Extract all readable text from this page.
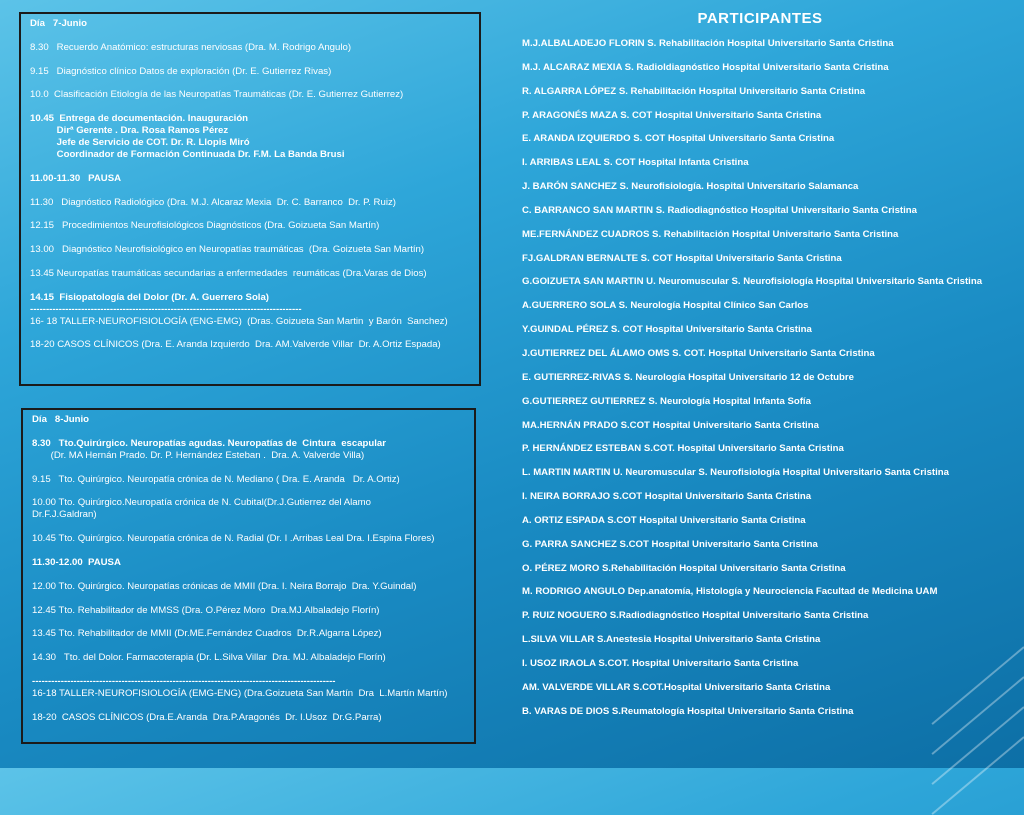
Día   7-Junio

8.30   Recuerdo Anatómico: estructuras nerviosas (Dra. M. Rodrigo Angulo)

9.15   Diagnóstico clínico Datos de exploración (Dr. E. Gutierrez Rivas)

10.0  Clasificación Etiología de las Neuropatías Traumáticas (Dr. E. Gutierrez Gutierrez)

10.45  Entrega de documentación. Inauguración
Dirª Gerente . Dra. Rosa Ramos Pérez
Jefe de Servicio de COT. Dr. R. Llopis Miró
Coordinador de Formación Continuada Dr. F.M. La Banda Brusi

11.00-11.30   PAUSA

11.30   Diagnóstico Radiológico (Dra. M.J. Alcaraz Mexia  Dr. C. Barranco  Dr. P. Ruiz)

12.15   Procedimientos Neurofisiológicos Diagnósticos (Dra. Goizueta San Martín)

13.00   Diagnóstico Neurofisiológico en Neuropatías traumáticas  (Dra. Goizueta San Martín)

13.45 Neuropatías traumáticas secundarias a enfermedades  reumáticas (Dra.Varas de Dios)

14.15  Fisiopatología del Dolor (Dr. A. Guerrero Sola)
-------------------------------------------------------------------------------------
16- 18 TALLER-NEUROFISIOLOGÍA (ENG-EMG)  (Dras. Goizueta San Martin  y Barón  Sanchez)

18-20 CASOS CLÍNICOS (Dra. E. Aranda Izquierdo  Dra. AM.Valverde Villar  Dr. A.Ortiz Espada)
Día   8-Junio

8.30   Tto.Quirúrgico. Neuropatías agudas. Neuropatías de  Cintura  escapular
(Dr. MA Hernán Prado. Dr. P. Hernández Esteban .  Dra. A. Valverde Villa)

9.15   Tto. Quirúrgico. Neuropatía crónica de N. Mediano ( Dra. E. Aranda   Dr. A.Ortiz)

10.00 Tto. Quirúrgico.Neuropatía crónica de N. Cubital(Dr.J.Gutierrez del Alamo
Dr.F.J.Galdran)

10.45 Tto. Quirúrgico. Neuropatía crónica de N. Radial (Dr. I .Arribas Leal Dra. I.Espina Flores)

11.30-12.00  PAUSA

12.00 Tto. Quirúrgico. Neuropatías crónicas de MMII (Dra. I. Neira Borrajo  Dra. Y.Guindal)

12.45 Tto. Rehabilitador de MMSS (Dra. O.Pérez Moro  Dra.MJ.Albaladejo Florín)

13.45 Tto. Rehabilitador de MMII (Dr.ME.Fernández Cuadros  Dr.R.Algarra López)

14.30   Tto. del Dolor. Farmacoterapia (Dr. L.Silva Villar  Dra. MJ. Albaladejo Florín)

-----------------------------------------------------------------------------------------------
16-18 TALLER-NEUROFISIOLOGÍA (EMG-ENG) (Dra.Goizueta San Martín  Dra  L.Martín Martín)

18-20  CASOS CLÍNICOS (Dra.E.Aranda  Dra.P.Aragonés  Dr. I.Usoz  Dr.G.Parra)
PARTICIPANTES
M.J.ALBALADEJO FLORIN S. Rehabilitación Hospital Universitario Santa Cristina
M.J. ALCARAZ MEXIA S. Radioldiagnóstico Hospital Universitario Santa Cristina
R. ALGARRA LÓPEZ S. Rehabilitación Hospital Universitario Santa Cristina
P. ARAGONÉS MAZA S. COT Hospital Universitario Santa Cristina
E. ARANDA IZQUIERDO S. COT Hospital Universitario Santa Cristina
I. ARRIBAS LEAL S. COT Hospital Infanta Cristina
J. BARÓN SANCHEZ S. Neurofisiología. Hospital Universitario Salamanca
C. BARRANCO SAN MARTIN S. Radiodiagnóstico Hospital Universitario Santa Cristina
ME.FERNÁNDEZ CUADROS S. Rehabilitación Hospital Universitario Santa Cristina
FJ.GALDRAN BERNALTE S. COT Hospital Universitario Santa Cristina
G.GOIZUETA SAN MARTIN U. Neuromuscular S. Neurofisiología Hospital Universitario Santa Cristina
A.GUERRERO SOLA S. Neurología Hospital Clínico San Carlos
Y.GUINDAL PÉREZ S. COT Hospital Universitario Santa Cristina
J.GUTIERREZ DEL ÁLAMO OMS S. COT. Hospital Universitario Santa Cristina
E. GUTIERREZ-RIVAS S. Neurología Hospital Universitario 12 de Octubre
G.GUTIERREZ GUTIERREZ S. Neurología Hospital Infanta Sofía
MA.HERNÁN PRADO S.COT Hospital Universitario Santa Cristina
P. HERNÁNDEZ ESTEBAN S.COT. Hospital Universitario Santa Cristina
L. MARTIN MARTIN U. Neuromuscular S. Neurofisiología Hospital Universitario Santa Cristina
I. NEIRA BORRAJO S.COT Hospital Universitario Santa Cristina
A. ORTIZ ESPADA S.COT Hospital Universitario Santa Cristina
G. PARRA SANCHEZ S.COT Hospital Universitario Santa Cristina
O. PÉREZ MORO S.Rehabilitación Hospital Universitario Santa Cristina
M. RODRIGO ANGULO Dep.anatomía, Histología y Neurociencia Facultad de Medicina UAM
P. RUIZ NOGUERO S.Radiodiagnóstico Hospital Universitario Santa Cristina
L.SILVA VILLAR S.Anestesia Hospital Universitario Santa Cristina
I. USOZ IRAOLA S.COT. Hospital Universitario Santa Cristina
AM. VALVERDE VILLAR S.COT.Hospital Universitario Santa Cristina
B. VARAS DE DIOS S.Reumatología Hospital Universitario Santa Cristina
